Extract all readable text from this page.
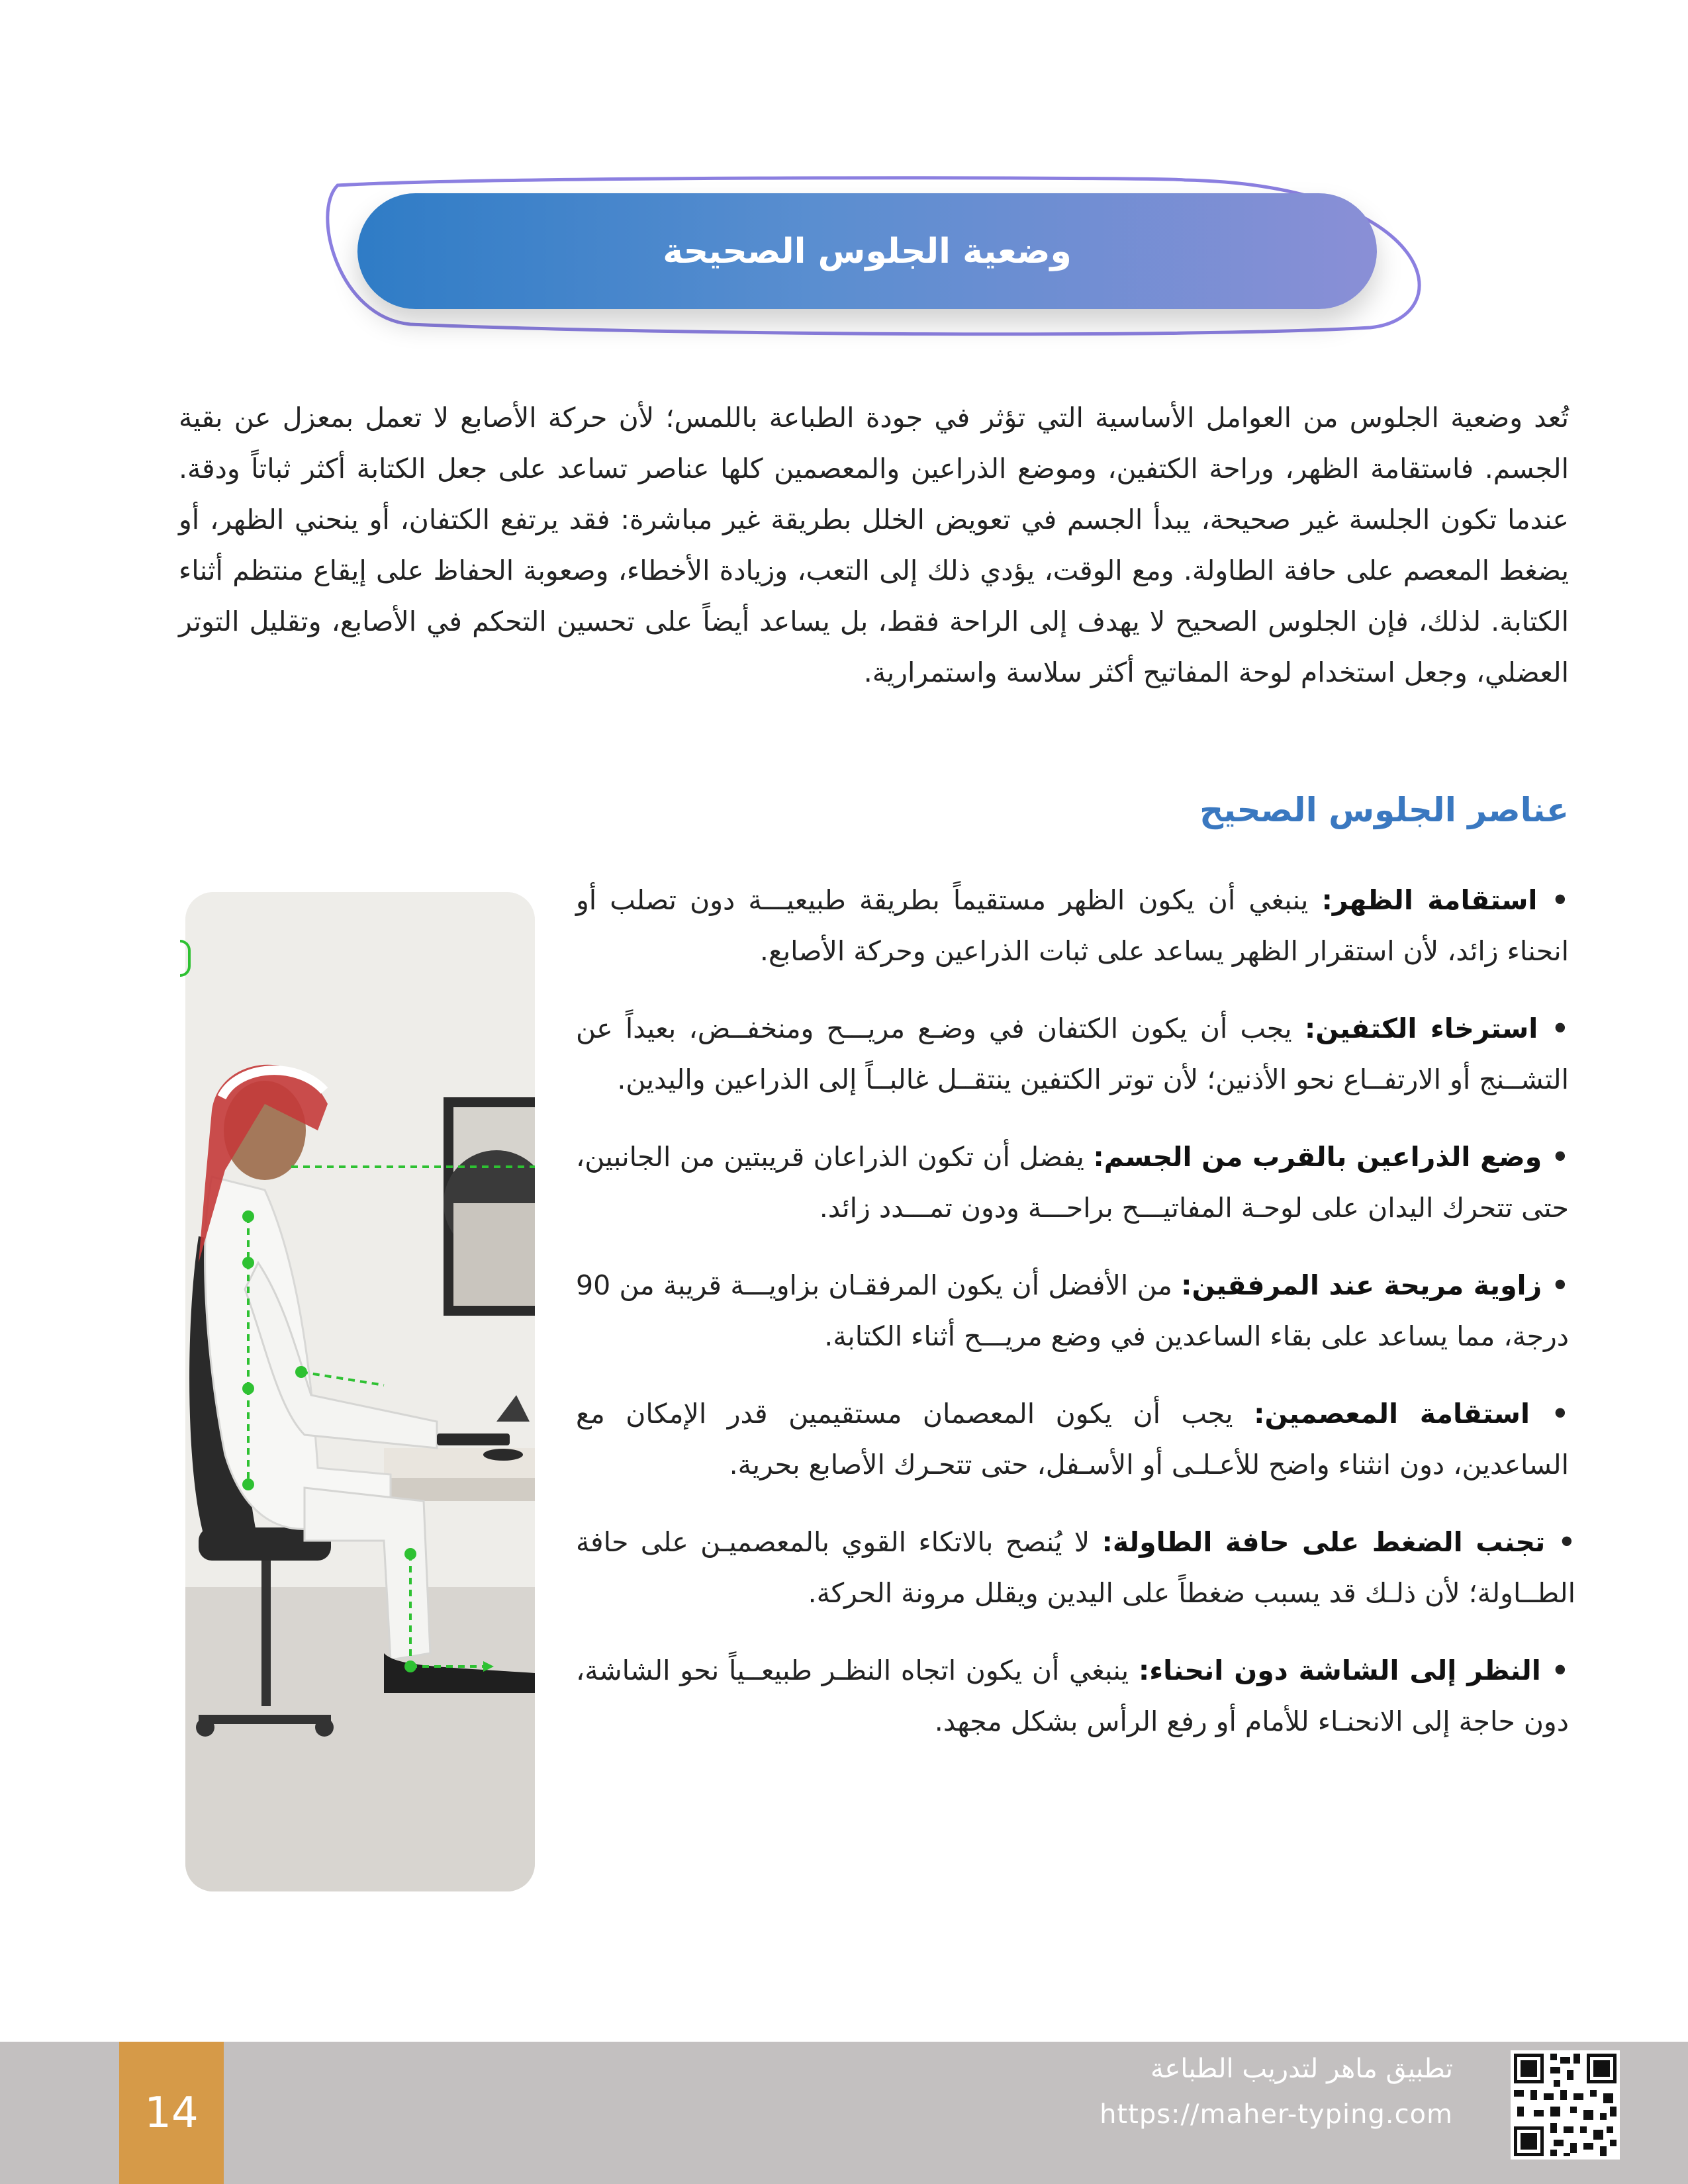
وضعية الجلوس الصحيحة

تُعد وضعية الجلوس من العوامل الأساسية التي تؤثر في جودة الطباعة باللمس؛ لأن حركة الأصابع لا تعمل بمعزل عن بقية الجسم. فاستقامة الظهر، وراحة الكتفين، وموضع الذراعين والمعصمين كلها عناصر تساعد على جعل الكتابة أكثر ثباتاً ودقة. عندما تكون الجلسة غير صحيحة، يبدأ الجسم في تعويض الخلل بطريقة غير مباشرة: فقد يرتفع الكتفان، أو ينحني الظهر، أو يضغط المعصم على حافة الطاولة. ومع الوقت، يؤدي ذلك إلى التعب، وزيادة الأخطاء، وصعوبة الحفاظ على إيقاع منتظم أثناء الكتابة. لذلك، فإن الجلوس الصحيح لا يهدف إلى الراحة فقط، بل يساعد أيضاً على تحسين التحكم في الأصابع، وتقليل التوتر العضلي، وجعل استخدام لوحة المفاتيح أكثر سلاسة واستمرارية.

عناصر الجلوس الصحيح

• استقامة الظهر: ينبغي أن يكون الظهر مستقيماً بطريقة طبيعيـــة دون تصلب أو انحناء زائد، لأن استقرار الظهر يساعد على ثبات الذراعين وحركة الأصابع.

• استرخاء الكتفين: يجب أن يكون الكتفان في وضـع مريـــح ومنخفــض، بعيداً عن التشــنج أو الارتفــاع نحو الأذنين؛ لأن توتر الكتفين ينتقــل غالبــاً إلى الذراعين واليدين.

• وضع الذراعين بالقرب من الجسم: يفضل أن تكون الذراعان قريبتين من الجانبين، حتى تتحرك اليدان على لوحـة المفاتيـــح براحـــة ودون تمـــدد زائد.

• زاوية مريحة عند المرفقين: من الأفضل أن يكون المرفقـان بزاويـــة قريبة من 90 درجة، مما يساعد على بقاء الساعدين في وضع مريـــح أثناء الكتابة.

• استقامة المعصمين: يجب أن يكون المعصمان مستقيمين قدر الإمكان مع الساعدين، دون انثناء واضح للأعـلـى أو الأسـفل، حتى تتحـرك الأصابع بحرية.

• تجنب الضغط على حافة الطاولة: لا يُنصح بالاتكاء القوي بالمعصميـن على حافة الطــاولة؛ لأن ذلـك قد يسبب ضغطاً على اليدين ويقلل مرونة الحركة.

• النظر إلى الشاشة دون انحناء: ينبغي أن يكون اتجاه النظـر طبيعــياً نحو الشاشة، دون حاجة إلى الانحنـاء للأمام أو رفع الرأس بشكل مجهد.

14
تطبيق ماهر لتدريب الطباعة
https://maher-typing.com
